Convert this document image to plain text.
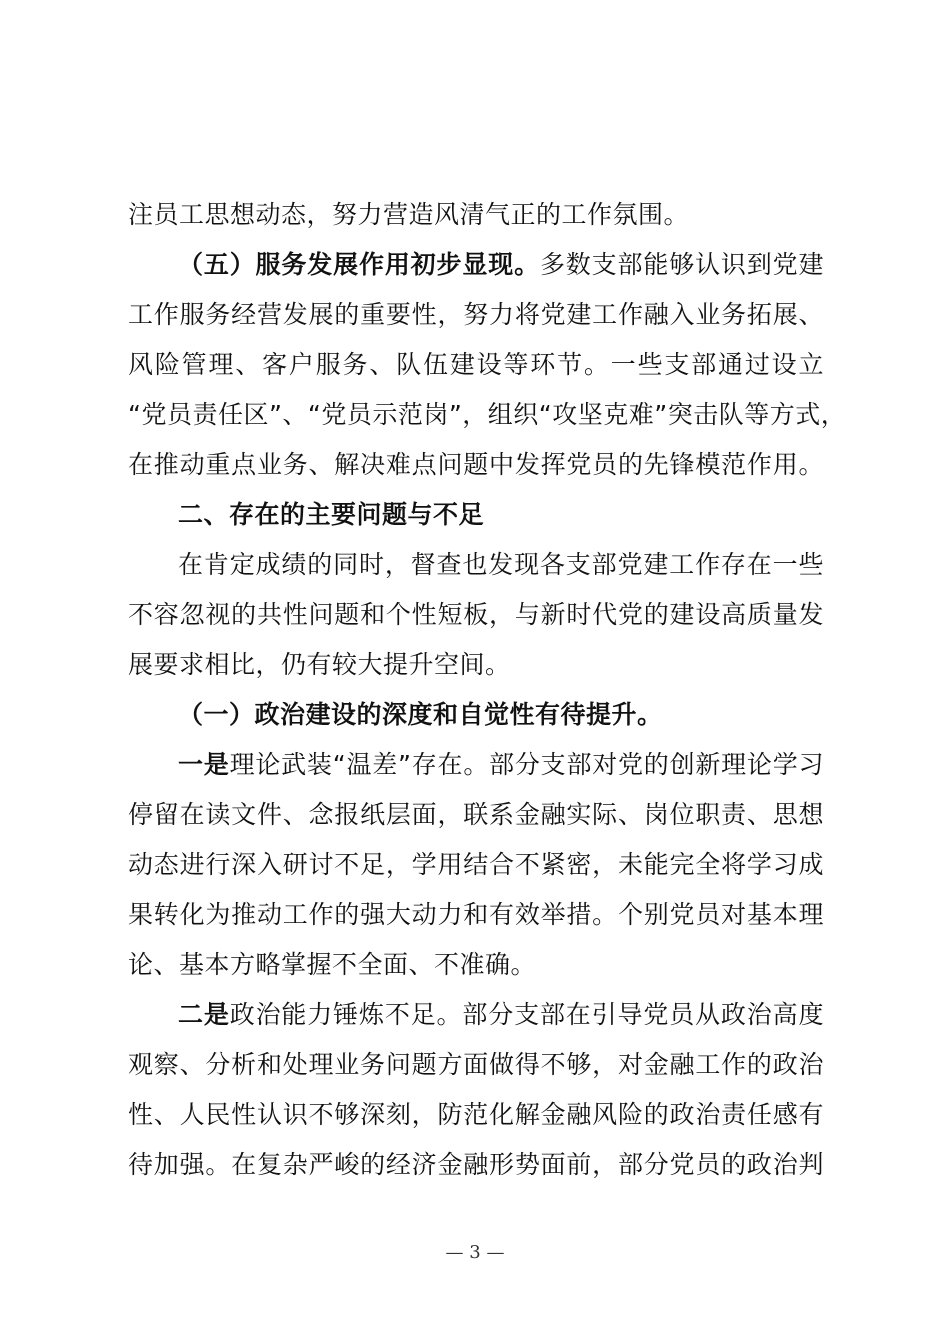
注员工思想动态，努力营造风清气正的工作氛围。
（五）服务发展作用初步显现。多数支部能够认识到党建
工作服务经营发展的重要性，努力将党建工作融入业务拓展、
风险管理、客户服务、队伍建设等环节。一些支部通过设立
“党员责任区”、“党员示范岗”，组织“攻坚克难”突击队等方式，
在推动重点业务、解决难点问题中发挥党员的先锋模范作用。
二、存在的主要问题与不足
在肯定成绩的同时，督查也发现各支部党建工作存在一些
不容忽视的共性问题和个性短板，与新时代党的建设高质量发
展要求相比，仍有较大提升空间。
（一）政治建设的深度和自觉性有待提升。
一是理论武装“温差”存在。部分支部对党的创新理论学习
停留在读文件、念报纸层面，联系金融实际、岗位职责、思想
动态进行深入研讨不足，学用结合不紧密，未能完全将学习成
果转化为推动工作的强大动力和有效举措。个别党员对基本理
论、基本方略掌握不全面、不准确。
二是政治能力锤炼不足。部分支部在引导党员从政治高度
观察、分析和处理业务问题方面做得不够，对金融工作的政治
性、人民性认识不够深刻，防范化解金融风险的政治责任感有
待加强。在复杂严峻的经济金融形势面前，部分党员的政治判
— 3 —
